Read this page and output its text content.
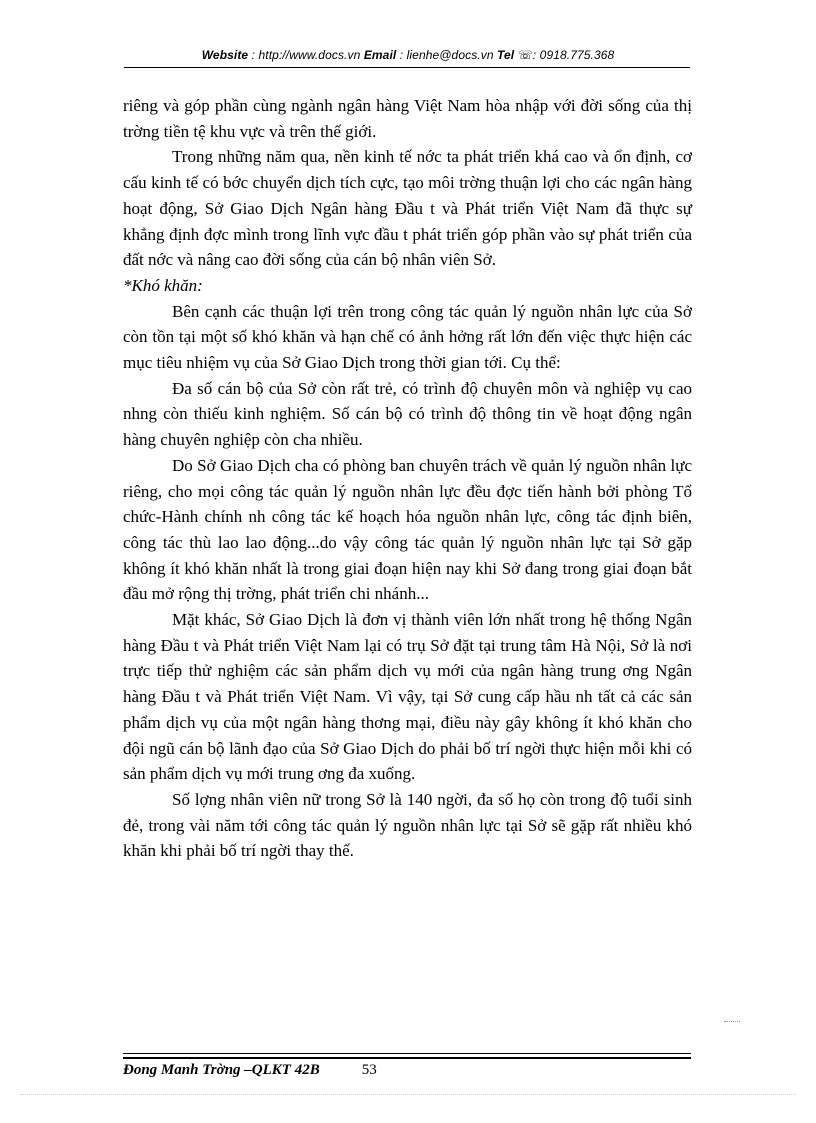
Website : http://www.docs.vn Email : lienhe@docs.vn Tel ☏: 0918.775.368

riêng và góp phần cùng ngành ngân hàng Việt Nam hòa nhập với đời sống của thị trờng tiền tệ khu vực và trên thế giới.

Trong những năm qua, nền kinh tế nớc ta phát triển khá cao và ổn định, cơ cấu kinh tế có bớc chuyển dịch tích cực, tạo môi trờng thuận lợi cho các ngân hàng hoạt động, Sở Giao Dịch Ngân hàng Đầu t và Phát triển Việt Nam đã thực sự khẳng định đợc mình trong lĩnh vực đầu t phát triển góp phần vào sự phát triển của đất nớc và nâng cao đời sống của cán bộ nhân viên Sở.

*Khó khăn:

Bên cạnh các thuận lợi trên trong công tác quản lý nguồn nhân lực của Sở còn tồn tại một số khó khăn và hạn chế có ảnh hởng rất lớn đến việc thực hiện các mục tiêu nhiệm vụ của Sở Giao Dịch trong thời gian tới. Cụ thể:

Đa số cán bộ của Sở còn rất trẻ, có trình độ chuyên môn và nghiệp vụ cao nhng còn thiếu kinh nghiệm. Số cán bộ có trình độ thông tin về hoạt động ngân hàng chuyên nghiệp còn cha nhiều.

Do Sở Giao Dịch cha có phòng ban chuyên trách về quản lý nguồn nhân lực riêng, cho mọi công tác quản lý nguồn nhân lực đều đợc tiến hành bởi phòng Tổ chức-Hành chính nh công tác kế hoạch hóa nguồn nhân lực, công tác định biên, công tác thù lao lao động...do vậy công tác quản lý nguồn nhân lực tại Sở gặp không ít khó khăn nhất là trong giai đoạn hiện nay khi Sở đang trong giai đoạn bắt đầu mở rộng thị trờng, phát triển chi nhánh...

Mặt khác, Sở Giao Dịch là đơn vị thành viên lớn nhất trong hệ thống Ngân hàng Đầu t và Phát triển Việt Nam lại có trụ Sở đặt tại trung tâm Hà Nội, Sở là nơi trực tiếp thử nghiệm các sản phẩm dịch vụ mới của ngân hàng trung ơng Ngân hàng Đầu t và Phát triển Việt Nam. Vì vậy, tại Sở cung cấp hầu nh tất cả các sản phẩm dịch vụ của một ngân hàng thơng mại, điều này gây không ít khó khăn cho đội ngũ cán bộ lãnh đạo của Sở Giao Dịch do phải bố trí ngời thực hiện mỗi khi có sản phẩm dịch vụ mới trung ơng đa xuống.

Số lợng nhân viên nữ trong Sở là 140 ngời, đa số họ còn trong độ tuổi sinh đẻ, trong vài năm tới công tác quản lý nguồn nhân lực tại Sở sẽ gặp rất nhiều khó khăn khi phải bố trí ngời thay thế.

Đong Manh Trờng –QLKT 42B	53
